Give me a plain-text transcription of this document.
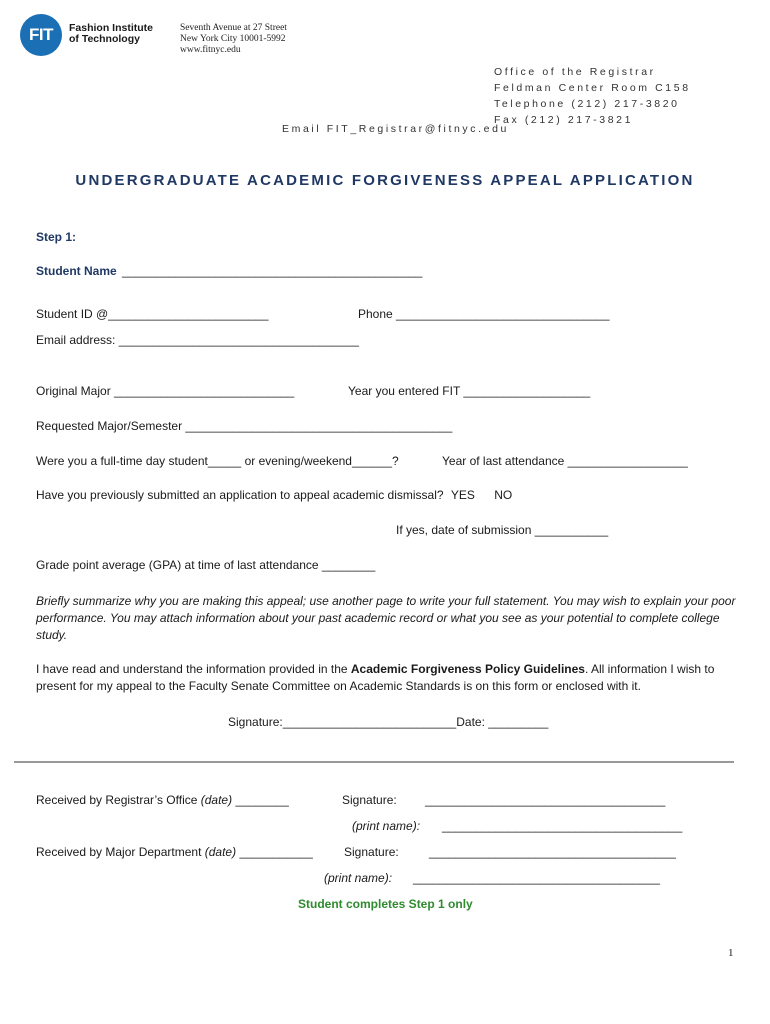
FIT Fashion Institute
of Technology
Seventh Avenue at 27 Street
New York City 10001-5992
www.fitnyc.edu
Office of the Registrar
Feldman Center Room C158
Telephone (212) 217-3820
Fax (212) 217-3821
Email FIT_Registrar@fitnyc.edu
UNDERGRADUATE ACADEMIC FORGIVENESS APPEAL APPLICATION
Step 1:
Student Name _____________________________________________
Student ID @________________________	Phone ________________________________
Email address: ____________________________________
Original Major ___________________________	Year you entered FIT ___________________
Requested Major/Semester ________________________________________
Were you a full-time day student_____ or evening/weekend______?	Year of last attendance __________________
Have you previously submitted an application to appeal academic dismissal? YES NO
If yes, date of submission ___________
Grade point average (GPA) at time of last attendance ________
Briefly summarize why you are making this appeal; use another page to write your full statement. You may wish to explain your poor performance. You may attach information about your past academic record or what you see as your potential to complete college study.
I have read and understand the information provided in the Academic Forgiveness Policy Guidelines. All information I wish to present for my appeal to the Faculty Senate Committee on Academic Standards is on this form or enclosed with it.
Signature:__________________________Date: _________
Received by Registrar’s Office (date) ________	Signature: ____________________________________
(print name): ____________________________________
Received by Major Department (date) ___________	Signature:	_____________________________________
(print name): _____________________________________
Student completes Step 1 only
1
